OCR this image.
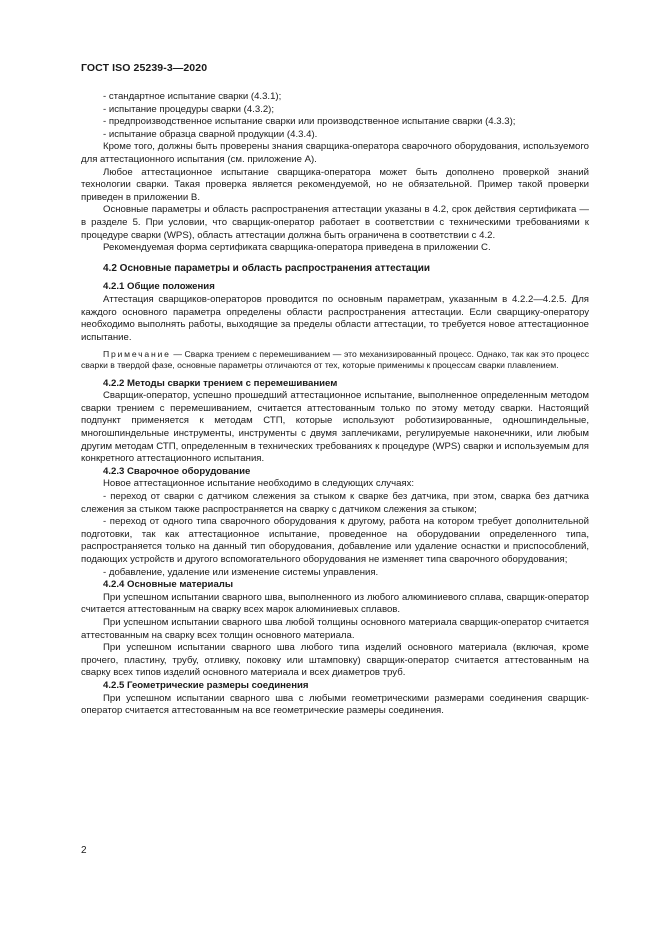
ГОСТ ISO 25239-3—2020

- стандартное испытание сварки (4.3.1);

- испытание процедуры сварки (4.3.2);

- предпроизводственное испытание сварки или производственное испытание сварки (4.3.3);

- испытание образца сварной продукции (4.3.4).

Кроме того, должны быть проверены знания сварщика-оператора сварочного оборудования, используемого для аттестационного испытания (см. приложение А).

Любое аттестационное испытание сварщика-оператора может быть дополнено проверкой знаний технологии сварки. Такая проверка является рекомендуемой, но не обязательной. Пример такой проверки приведен в приложении В.

Основные параметры и область распространения аттестации указаны в 4.2, срок действия сертификата — в разделе 5. При условии, что сварщик-оператор работает в соответствии с техническими требованиями к процедуре сварки (WPS), область аттестации должна быть ограничена в соответствии с 4.2.

Рекомендуемая форма сертификата сварщика-оператора приведена в приложении С.

4.2 Основные параметры и область распространения аттестации

4.2.1 Общие положения

Аттестация сварщиков-операторов проводится по основным параметрам, указанным в 4.2.2—4.2.5. Для каждого основного параметра определены области распространения аттестации. Если сварщику-оператору необходимо выполнять работы, выходящие за пределы области аттестации, то требуется новое аттестационное испытание.

Примечание — Сварка трением с перемешиванием — это механизированный процесс. Однако, так как это процесс сварки в твердой фазе, основные параметры отличаются от тех, которые применимы к процессам сварки плавлением.

4.2.2 Методы сварки трением с перемешиванием

Сварщик-оператор, успешно прошедший аттестационное испытание, выполненное определенным методом сварки трением с перемешиванием, считается аттестованным только по этому методу сварки. Настоящий подпункт применяется к методам СТП, которые используют роботизированные, одношпиндельные, многошпиндельные инструменты, инструменты с двумя заплечиками, регулируемые наконечники, или любым другим методам СТП, определенным в технических требованиях к процедуре (WPS) сварки и используемым для конкретного аттестационного испытания.

4.2.3 Сварочное оборудование

Новое аттестационное испытание необходимо в следующих случаях:

- переход от сварки с датчиком слежения за стыком к сварке без датчика, при этом, сварка без датчика слежения за стыком также распространяется на сварку с датчиком слежения за стыком;

- переход от одного типа сварочного оборудования к другому, работа на котором требует дополнительной подготовки, так как аттестационное испытание, проведенное на оборудовании определенного типа, распространяется только на данный тип оборудования, добавление или удаление оснастки и приспособлений, подающих устройств и другого вспомогательного оборудования не изменяет типа сварочного оборудования;

- добавление, удаление или изменение системы управления.

4.2.4 Основные материалы

При успешном испытании сварного шва, выполненного из любого алюминиевого сплава, сварщик-оператор считается аттестованным на сварку всех марок алюминиевых сплавов.

При успешном испытании сварного шва любой толщины основного материала сварщик-оператор считается аттестованным на сварку всех толщин основного материала.

При успешном испытании сварного шва любого типа изделий основного материала (включая, кроме прочего, пластину, трубу, отливку, поковку или штамповку) сварщик-оператор считается аттестованным на сварку всех типов изделий основного материала и всех диаметров труб.

4.2.5 Геометрические размеры соединения

При успешном испытании сварного шва с любыми геометрическими размерами соединения сварщик-оператор считается аттестованным на все геометрические размеры соединения.

2
